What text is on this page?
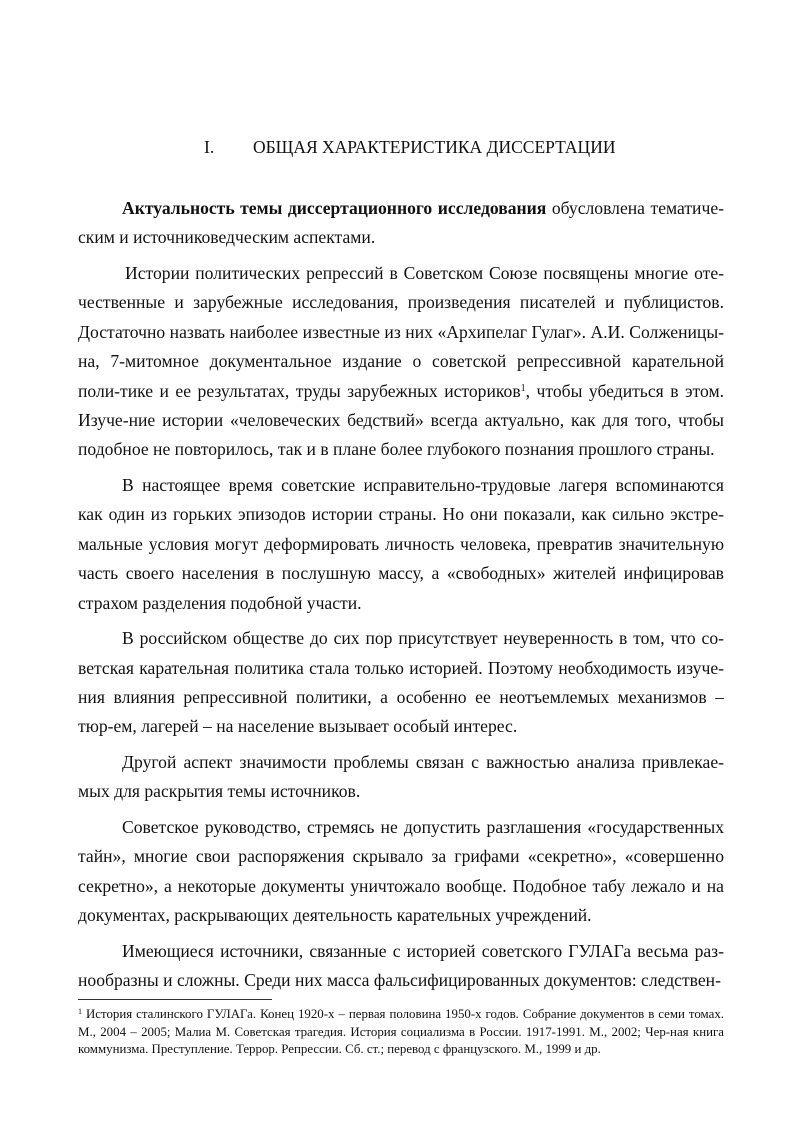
I. ОБЩАЯ ХАРАКТЕРИСТИКА ДИССЕРТАЦИИ

Актуальность темы диссертационного исследования обусловлена тематиче-ским и источниковедческим аспектами.

Истории политических репрессий в Советском Союзе посвящены многие оте-чественные и зарубежные исследования, произведения писателей и публицистов. Достаточно назвать наиболее известные из них «Архипелаг Гулаг». А.И. Солженицы-на, 7-митомное документальное издание о советской репрессивной карательной поли-тике и ее результатах, труды зарубежных историков$^1$, чтобы убедиться в этом. Изуче-ние истории «человеческих бедствий» всегда актуально, как для того, чтобы подобное не повторилось, так и в плане более глубокого познания прошлого страны.

В настоящее время советские исправительно-трудовые лагеря вспоминаются как один из горьких эпизодов истории страны. Но они показали, как сильно экстре-мальные условия могут деформировать личность человека, превратив значительную часть своего населения в послушную массу, а «свободных» жителей инфицировав страхом разделения подобной участи.

В российском обществе до сих пор присутствует неуверенность в том, что со-ветская карательная политика стала только историей. Поэтому необходимость изуче-ния влияния репрессивной политики, а особенно ее неотъемлемых механизмов – тюр-ем, лагерей – на население вызывает особый интерес.

Другой аспект значимости проблемы связан с важностью анализа привлекае-мых для раскрытия темы источников.

Советское руководство, стремясь не допустить разглашения «государственных тайн», многие свои распоряжения скрывало за грифами «секретно», «совершенно секретно», а некоторые документы уничтожало вообще. Подобное табу лежало и на документах, раскрывающих деятельность карательных учреждений.

Имеющиеся источники, связанные с историей советского ГУЛАГа весьма раз-нообразны и сложны. Среди них масса фальсифицированных документов: следствен-

$^1$ История сталинского ГУЛАГа. Конец 1920-х – первая половина 1950-х годов. Собрание документов в семи томах. М., 2004 – 2005; Малиа М. Советская трагедия. История социализма в России. 1917-1991. М., 2002; Чер-ная книга коммунизма. Преступление. Террор. Репрессии. Сб. ст.; перевод с французского. М., 1999 и др.
